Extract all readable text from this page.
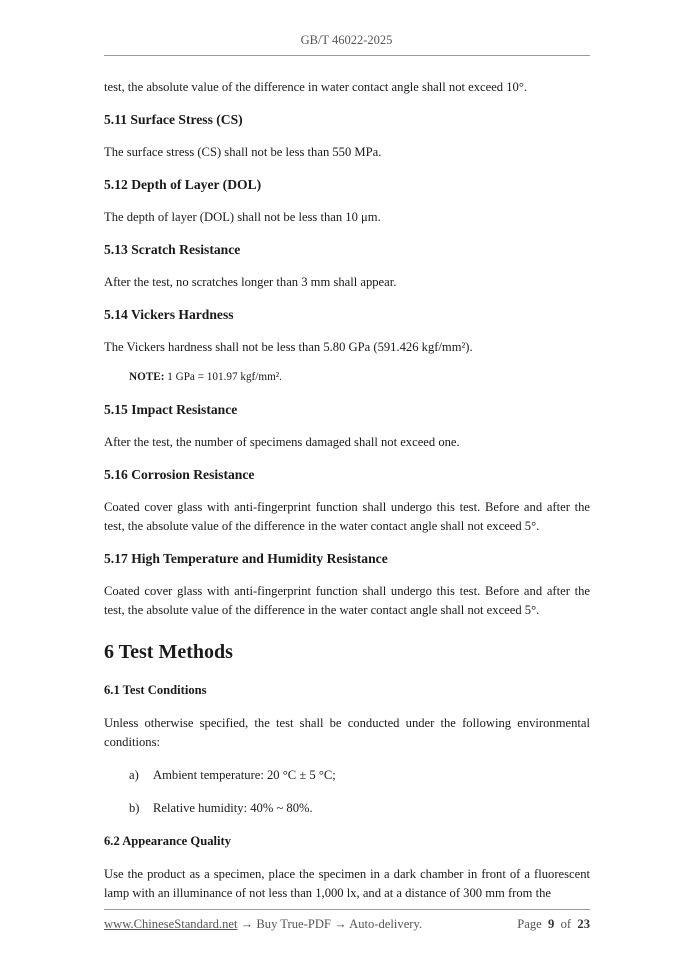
GB/T 46022-2025

test, the absolute value of the difference in water contact angle shall not exceed 10°.

5.11 Surface Stress (CS)

The surface stress (CS) shall not be less than 550 MPa.

5.12 Depth of Layer (DOL)

The depth of layer (DOL) shall not be less than 10 μm.

5.13 Scratch Resistance

After the test, no scratches longer than 3 mm shall appear.

5.14 Vickers Hardness

The Vickers hardness shall not be less than 5.80 GPa (591.426 kgf/mm²).

NOTE: 1 GPa = 101.97 kgf/mm².

5.15 Impact Resistance

After the test, the number of specimens damaged shall not exceed one.

5.16 Corrosion Resistance

Coated cover glass with anti-fingerprint function shall undergo this test. Before and after the test, the absolute value of the difference in the water contact angle shall not exceed 5°.

5.17 High Temperature and Humidity Resistance

Coated cover glass with anti-fingerprint function shall undergo this test. Before and after the test, the absolute value of the difference in the water contact angle shall not exceed 5°.

6 Test Methods
6.1 Test Conditions

Unless otherwise specified, the test shall be conducted under the following environmental conditions:

a)	Ambient temperature: 20 °C ± 5 °C;
b)	Relative humidity: 40% ~ 80%.
6.2 Appearance Quality

Use the product as a specimen, place the specimen in a dark chamber in front of a fluorescent lamp with an illuminance of not less than 1,000 lx, and at a distance of 300 mm from the

www.ChineseStandard.net → Buy True-PDF → Auto-delivery.	Page 9 of 23
